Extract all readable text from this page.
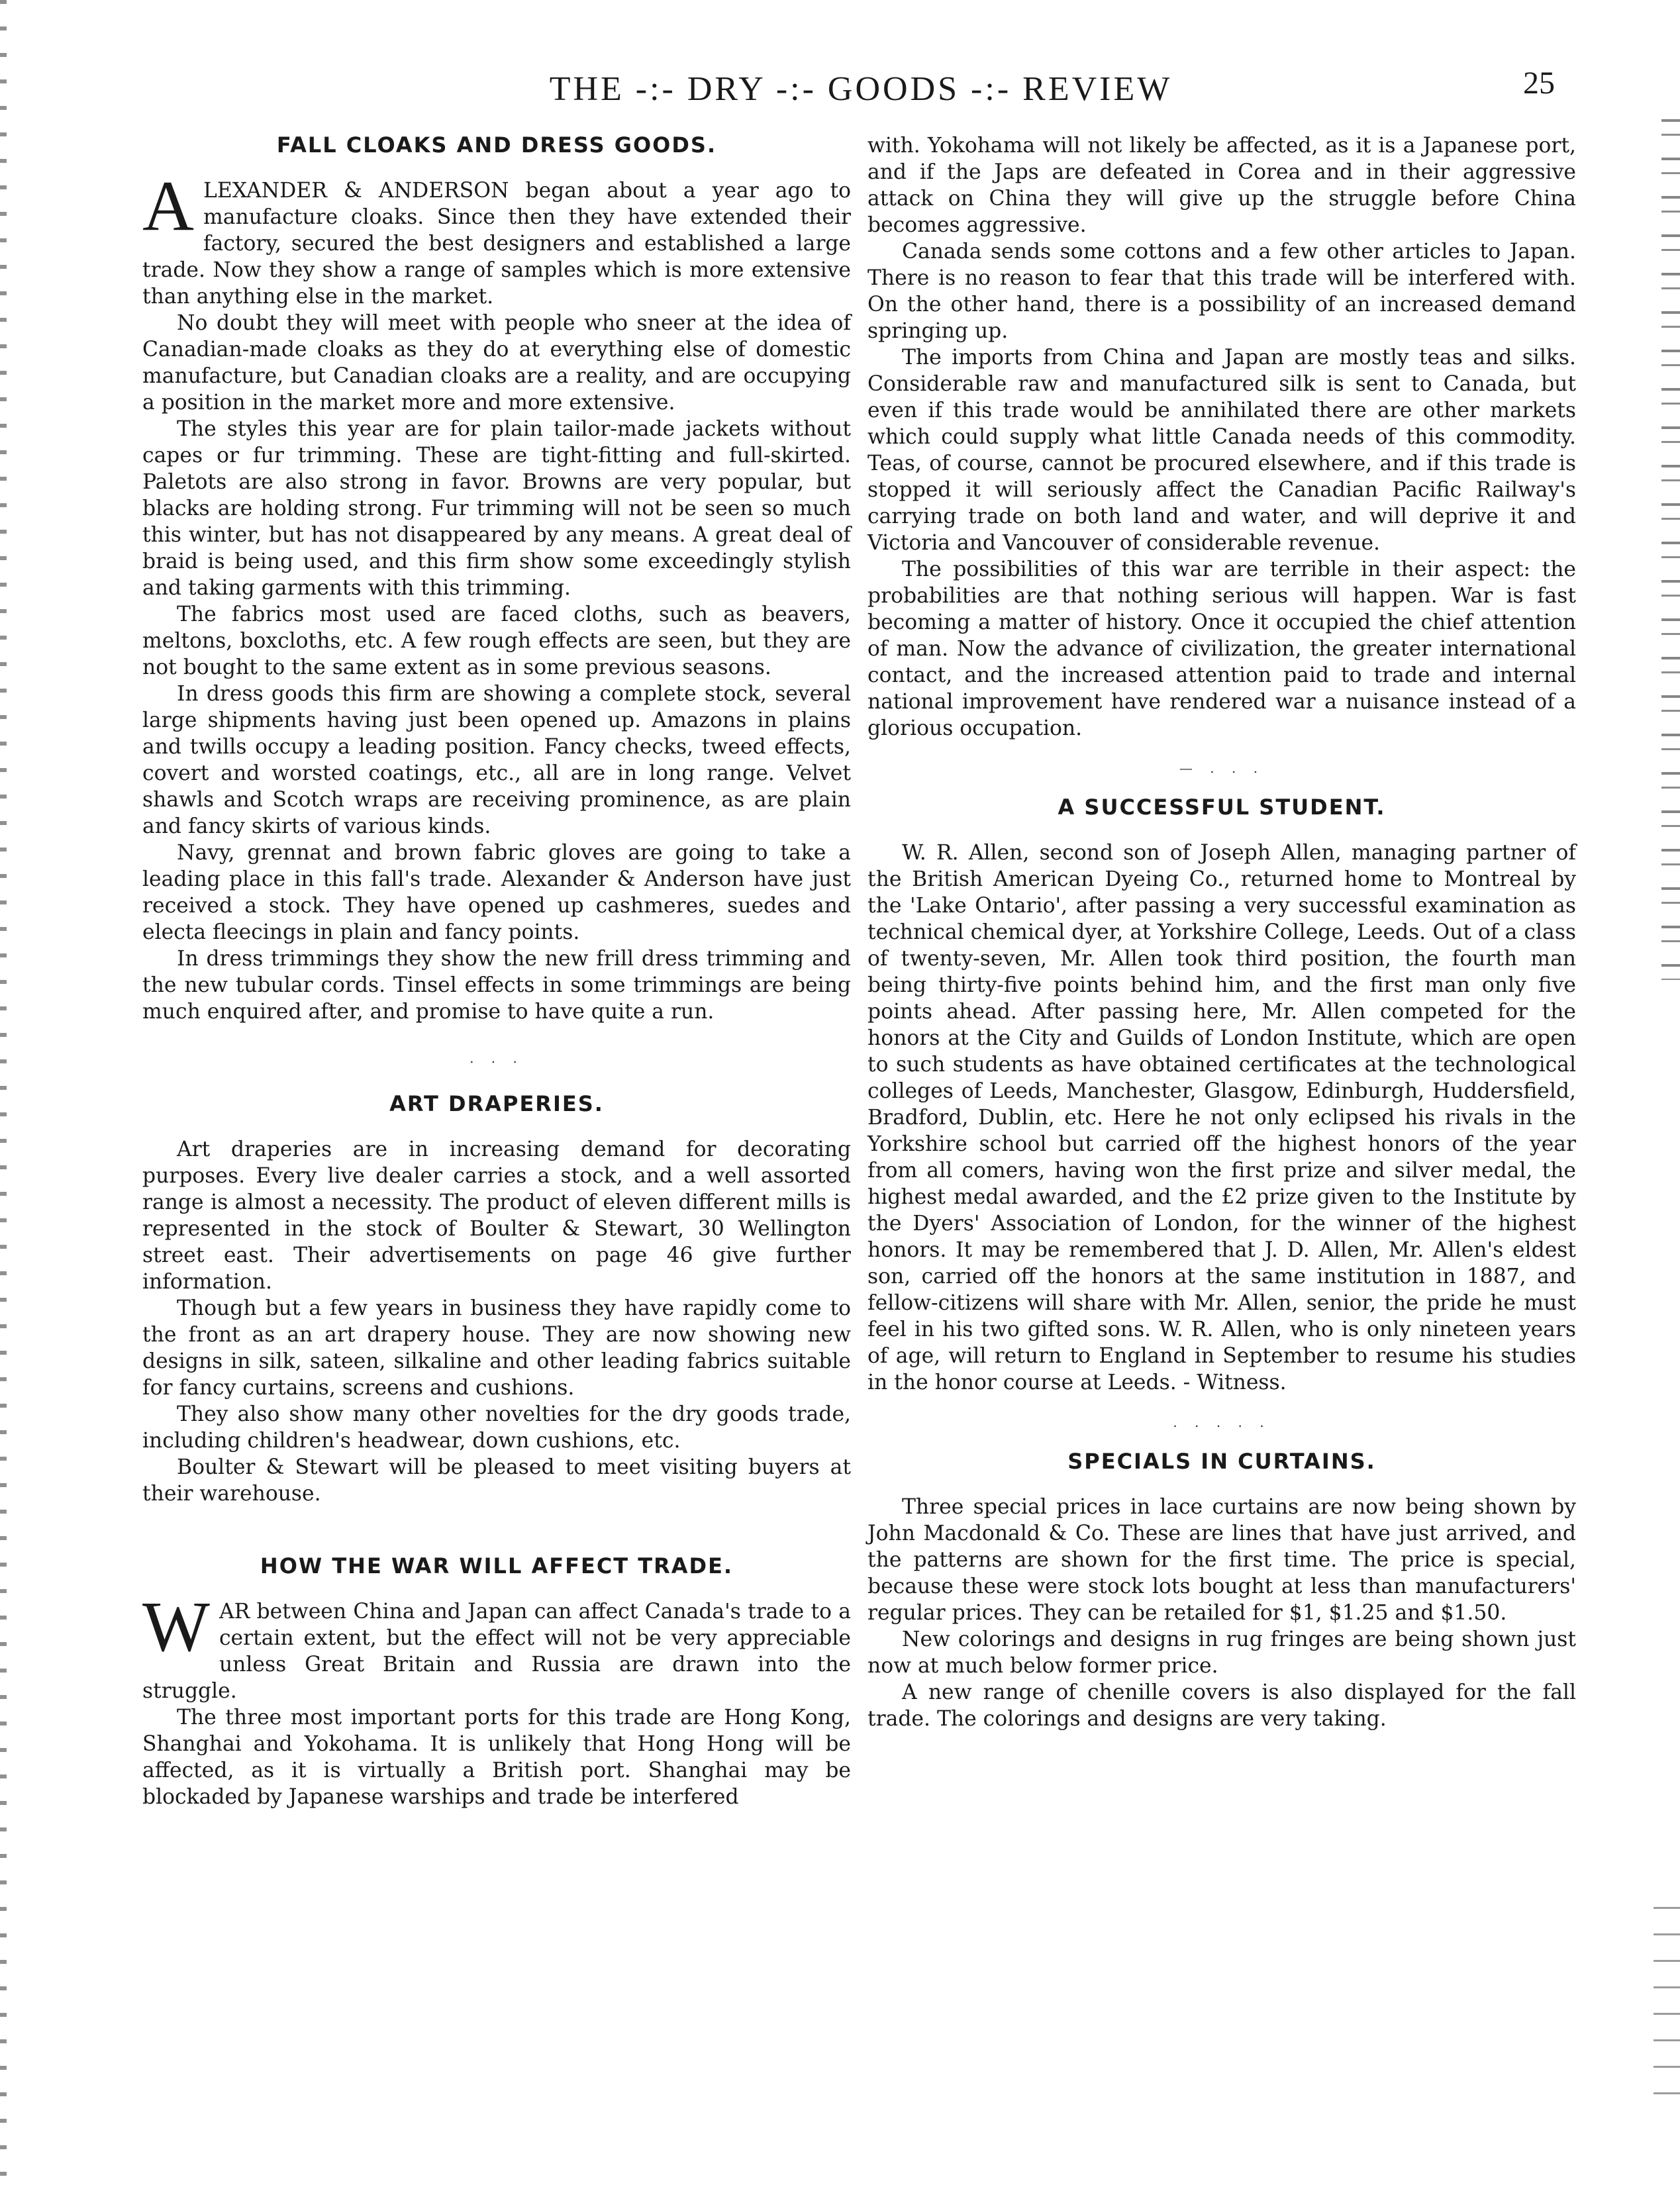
THE -:- DRY -:- GOODS -:- REVIEW	25
FALL CLOAKS AND DRESS GOODS.

ALEXANDER & ANDERSON began about a year ago to manufacture cloaks. Since then they have extended their factory, secured the best designers and established a large trade. Now they show a range of samples which is more extensive than anything else in the market.

No doubt they will meet with people who sneer at the idea of Canadian-made cloaks as they do at everything else of domestic manufacture, but Canadian cloaks are a reality, and are occupying a position in the market more and more extensive.

The styles this year are for plain tailor-made jackets without capes or fur trimming. These are tight-fitting and full-skirted. Paletots are also strong in favor. Browns are very popular, but blacks are holding strong. Fur trimming will not be seen so much this winter, but has not disappeared by any means. A great deal of braid is being used, and this firm show some exceedingly stylish and taking garments with this trimming.

The fabrics most used are faced cloths, such as beavers, meltons, boxcloths, etc. A few rough effects are seen, but they are not bought to the same extent as in some previous seasons.

In dress goods this firm are showing a complete stock, several large shipments having just been opened up. Amazons in plains and twills occupy a leading position. Fancy checks, tweed effects, covert and worsted coatings, etc., all are in long range. Velvet shawls and Scotch wraps are receiving prominence, as are plain and fancy skirts of various kinds.

Navy, grennat and brown fabric gloves are going to take a leading place in this fall's trade. Alexander & Anderson have just received a stock. They have opened up cashmeres, suedes and electa fleecings in plain and fancy points.

In dress trimmings they show the new frill dress trimming and the new tubular cords. Tinsel effects in some trimmings are being much enquired after, and promise to have quite a run.

. . .
ART DRAPERIES.

Art draperies are in increasing demand for decorating purposes. Every live dealer carries a stock, and a well assorted range is almost a necessity. The product of eleven different mills is represented in the stock of Boulter & Stewart, 30 Wellington street east. Their advertisements on page 46 give further information.

Though but a few years in business they have rapidly come to the front as an art drapery house. They are now showing new designs in silk, sateen, silkaline and other leading fabrics suitable for fancy curtains, screens and cushions.

They also show many other novelties for the dry goods trade, including children's headwear, down cushions, etc.

Boulter & Stewart will be pleased to meet visiting buyers at their warehouse.

HOW THE WAR WILL AFFECT TRADE.

WAR between China and Japan can affect Canada's trade to a certain extent, but the effect will not be very appreciable unless Great Britain and Russia are drawn into the struggle.

The three most important ports for this trade are Hong Kong, Shanghai and Yokohama. It is unlikely that Hong Hong will be affected, as it is virtually a British port. Shanghai may be blockaded by Japanese warships and trade be interfered

with. Yokohama will not likely be affected, as it is a Japanese port, and if the Japs are defeated in Corea and in their aggressive attack on China they will give up the struggle before China becomes aggressive.

Canada sends some cottons and a few other articles to Japan. There is no reason to fear that this trade will be interfered with. On the other hand, there is a possibility of an increased demand springing up.

The imports from China and Japan are mostly teas and silks. Considerable raw and manufactured silk is sent to Canada, but even if this trade would be annihilated there are other markets which could supply what little Canada needs of this commodity. Teas, of course, cannot be procured elsewhere, and if this trade is stopped it will seriously affect the Canadian Pacific Railway's carrying trade on both land and water, and will deprive it and Victoria and Vancouver of considerable revenue.

The possibilities of this war are terrible in their aspect: the probabilities are that nothing serious will happen. War is fast becoming a matter of history. Once it occupied the chief attention of man. Now the advance of civilization, the greater international contact, and the increased attention paid to trade and internal national improvement have rendered war a nuisance instead of a glorious occupation.

— . . .
A SUCCESSFUL STUDENT.

W. R. Allen, second son of Joseph Allen, managing partner of the British American Dyeing Co., returned home to Montreal by the 'Lake Ontario', after passing a very successful examination as technical chemical dyer, at Yorkshire College, Leeds. Out of a class of twenty-seven, Mr. Allen took third position, the fourth man being thirty-five points behind him, and the first man only five points ahead. After passing here, Mr. Allen competed for the honors at the City and Guilds of London Institute, which are open to such students as have obtained certificates at the technological colleges of Leeds, Manchester, Glasgow, Edinburgh, Huddersfield, Bradford, Dublin, etc. Here he not only eclipsed his rivals in the Yorkshire school but carried off the highest honors of the year from all comers, having won the first prize and silver medal, the highest medal awarded, and the £2 prize given to the Institute by the Dyers' Association of London, for the winner of the highest honors. It may be remembered that J. D. Allen, Mr. Allen's eldest son, carried off the honors at the same institution in 1887, and fellow-citizens will share with Mr. Allen, senior, the pride he must feel in his two gifted sons. W. R. Allen, who is only nineteen years of age, will return to England in September to resume his studies in the honor course at Leeds. - Witness.

. . . . .
SPECIALS IN CURTAINS.

Three special prices in lace curtains are now being shown by John Macdonald & Co. These are lines that have just arrived, and the patterns are shown for the first time. The price is special, because these were stock lots bought at less than manufacturers' regular prices. They can be retailed for $1, $1.25 and $1.50.

New colorings and designs in rug fringes are being shown just now at much below former price.

A new range of chenille covers is also displayed for the fall trade. The colorings and designs are very taking.
